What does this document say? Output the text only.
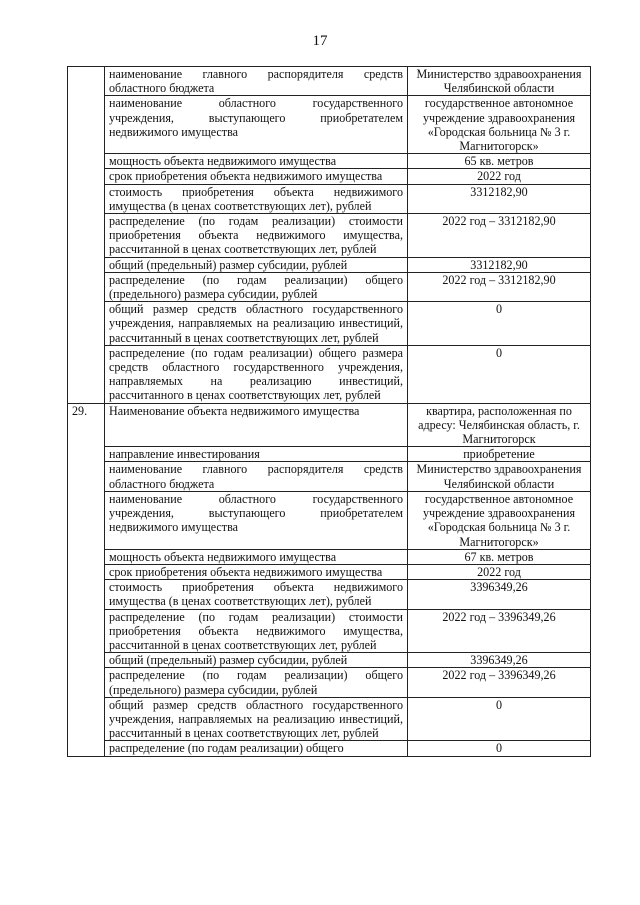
17
	наименование главного распорядителя средств областного бюджета	Министерство здравоохранения Челябинской области
	наименование областного государственного учреждения, выступающего приобретателем недвижимого имущества	государственное автономное учреждение здравоохранения «Городская больница № 3 г. Магнитогорск»
	мощность объекта недвижимого имущества	65 кв. метров
	срок приобретения объекта недвижимого имущества	2022 год
	стоимость приобретения объекта недвижимого имущества (в ценах соответствующих лет), рублей	3312182,90
	распределение (по годам реализации) стоимости приобретения объекта недвижимого имущества, рассчитанной в ценах соответствующих лет, рублей	2022 год – 3312182,90
	общий (предельный) размер субсидии, рублей	3312182,90
	распределение (по годам реализации) общего (предельного) размера субсидии, рублей	2022 год – 3312182,90
	общий размер средств областного государственного учреждения, направляемых на реализацию инвестиций, рассчитанный в ценах соответствующих лет, рублей	0
	распределение (по годам реализации) общего размера средств областного государственного учреждения, направляемых на реализацию инвестиций, рассчитанного в ценах соответствующих лет, рублей	0
29.	Наименование объекта недвижимого имущества	квартира, расположенная по адресу: Челябинская область, г. Магнитогорск
	направление инвестирования	приобретение
	наименование главного распорядителя средств областного бюджета	Министерство здравоохранения Челябинской области
	наименование областного государственного учреждения, выступающего приобретателем недвижимого имущества	государственное автономное учреждение здравоохранения «Городская больница № 3 г. Магнитогорск»
	мощность объекта недвижимого имущества	67 кв. метров
	срок приобретения объекта недвижимого имущества	2022 год
	стоимость приобретения объекта недвижимого имущества (в ценах соответствующих лет), рублей	3396349,26
	распределение (по годам реализации) стоимости приобретения объекта недвижимого имущества, рассчитанной в ценах соответствующих лет, рублей	2022 год – 3396349,26
	общий (предельный) размер субсидии, рублей	3396349,26
	распределение (по годам реализации) общего (предельного) размера субсидии, рублей	2022 год – 3396349,26
	общий размер средств областного государственного учреждения, направляемых на реализацию инвестиций, рассчитанный в ценах соответствующих лет, рублей	0
	распределение (по годам реализации) общего	0
